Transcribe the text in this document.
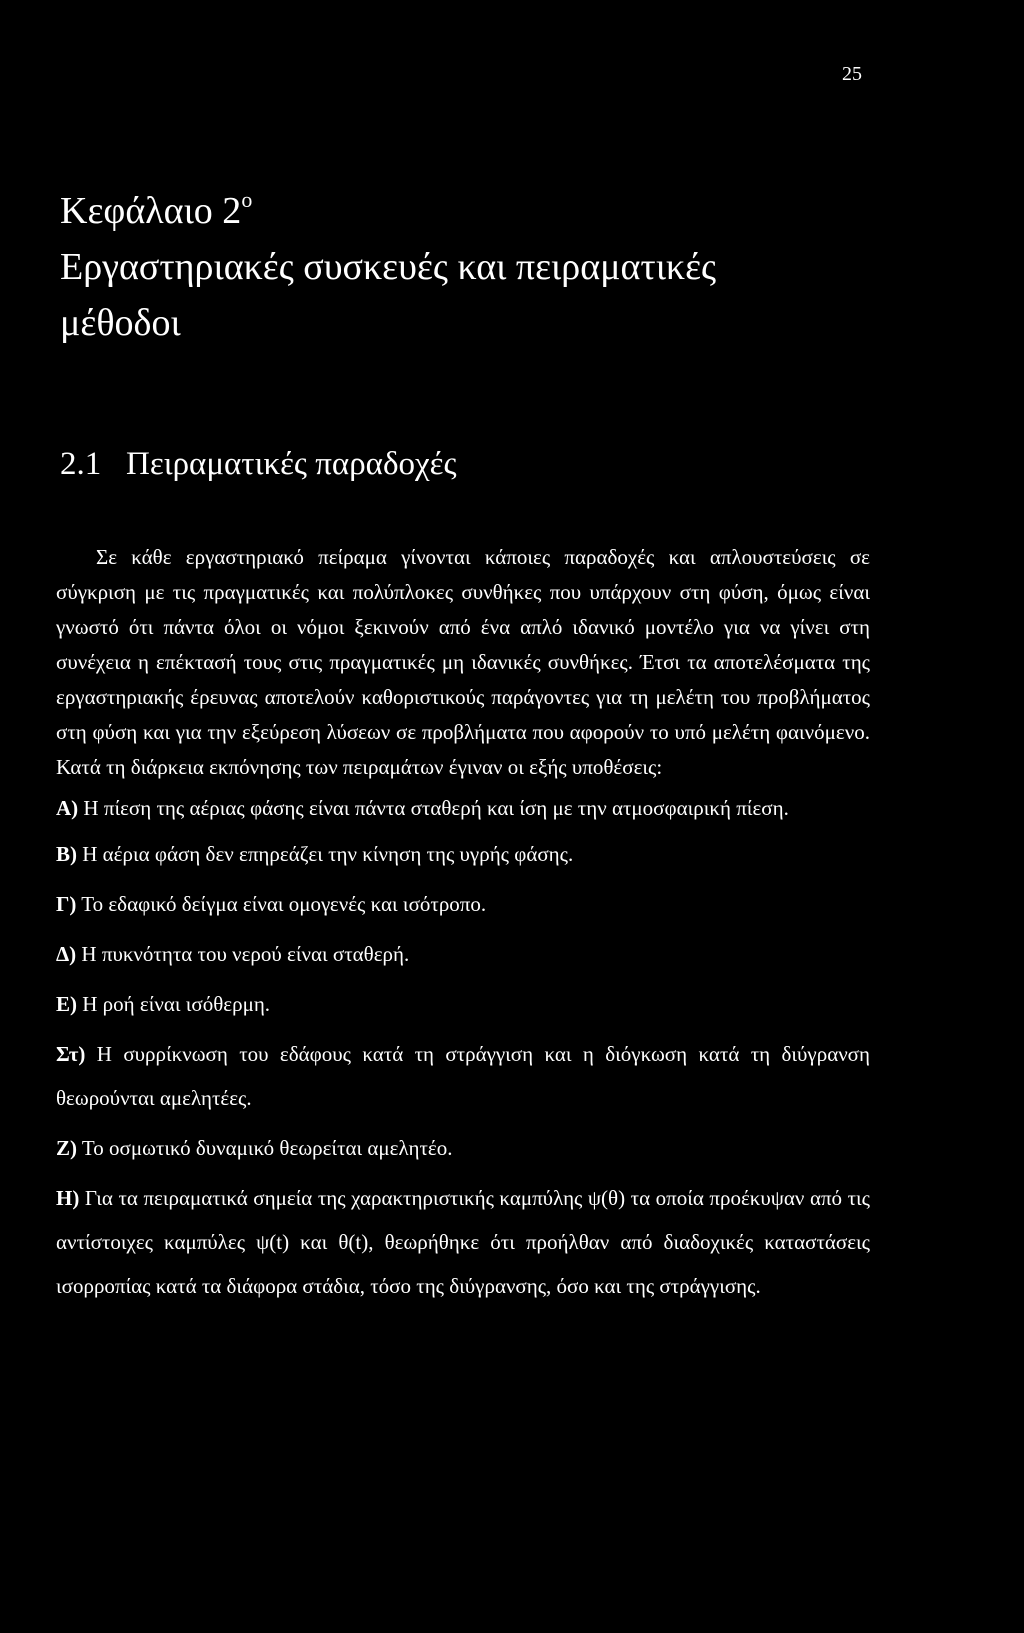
25
Κεφάλαιο $2^o$
Εργαστηριακές συσκευές και πειραματικές
μέθοδοι
2.1 Πειραματικές παραδοχές

Σε κάθε εργαστηριακό πείραμα γίνονται κάποιες παραδοχές και απλουστεύσεις σε σύγκριση με τις πραγματικές και πολύπλοκες συνθήκες που υπάρχουν στη φύση, όμως είναι γνωστό ότι πάντα όλοι οι νόμοι ξεκινούν από ένα απλό ιδανικό μοντέλο για να γίνει στη συνέχεια η επέκτασή τους στις πραγματικές μη ιδανικές συνθήκες. Έτσι τα αποτελέσματα της εργαστηριακής έρευνας αποτελούν καθοριστικούς παράγοντες για τη μελέτη του προβλήματος στη φύση και για την εξεύρεση λύσεων σε προβλήματα που αφορούν το υπό μελέτη φαινόμενο. Κατά τη διάρκεια εκπόνησης των πειραμάτων έγιναν οι εξής υποθέσεις:

Α) Η πίεση της αέριας φάσης είναι πάντα σταθερή και ίση με την ατμοσφαιρική πίεση.

Β) Η αέρια φάση δεν επηρεάζει την κίνηση της υγρής φάσης.

Γ) Το εδαφικό δείγμα είναι ομογενές και ισότροπο.

Δ) Η πυκνότητα του νερού είναι σταθερή.

Ε) Η ροή είναι ισόθερμη.

Στ) Η συρρίκνωση του εδάφους κατά τη στράγγιση και η διόγκωση κατά τη διύγρανση θεωρούνται αμελητέες.

Ζ) Το οσμωτικό δυναμικό θεωρείται αμελητέο.

Η) Για τα πειραματικά σημεία της χαρακτηριστικής καμπύλης ψ(θ) τα οποία προέκυψαν από τις αντίστοιχες καμπύλες ψ(t) και θ(t), θεωρήθηκε ότι προήλθαν από διαδοχικές καταστάσεις ισορροπίας κατά τα διάφορα στάδια, τόσο της διύγρανσης, όσο και της στράγγισης.
